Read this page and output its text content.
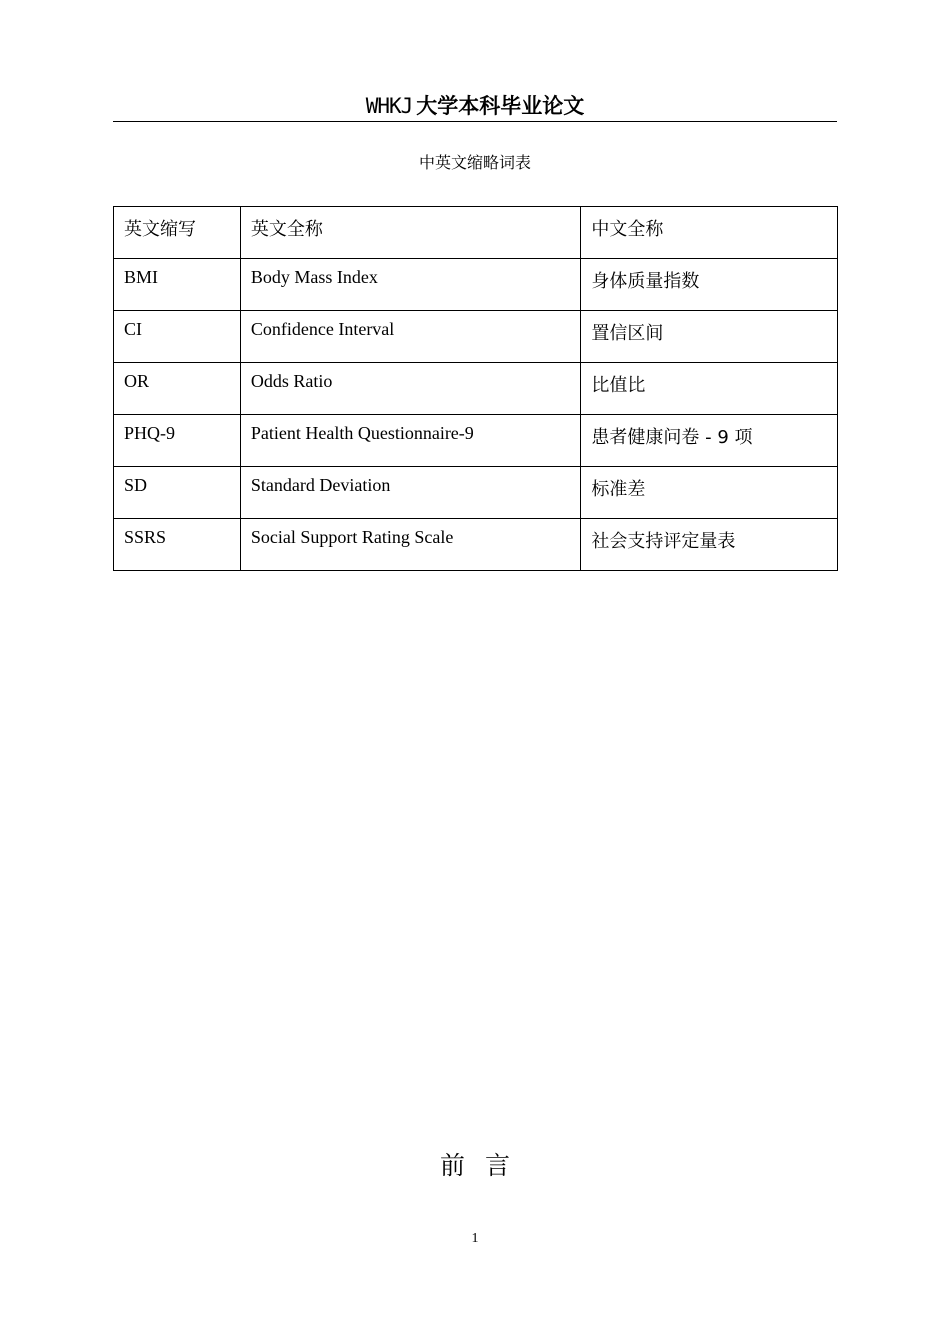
WHKJ 大学本科毕业论文
中英文缩略词表
英文缩写	英文全称	中文全称
BMI	Body Mass Index	身体质量指数
CI	Confidence Interval	置信区间
OR	Odds Ratio	比值比
PHQ-9	Patient Health Questionnaire-9	患者健康问卷 - 9 项
SD	Standard Deviation	标准差
SSRS	Social Support Rating Scale	社会支持评定量表
前言
1
